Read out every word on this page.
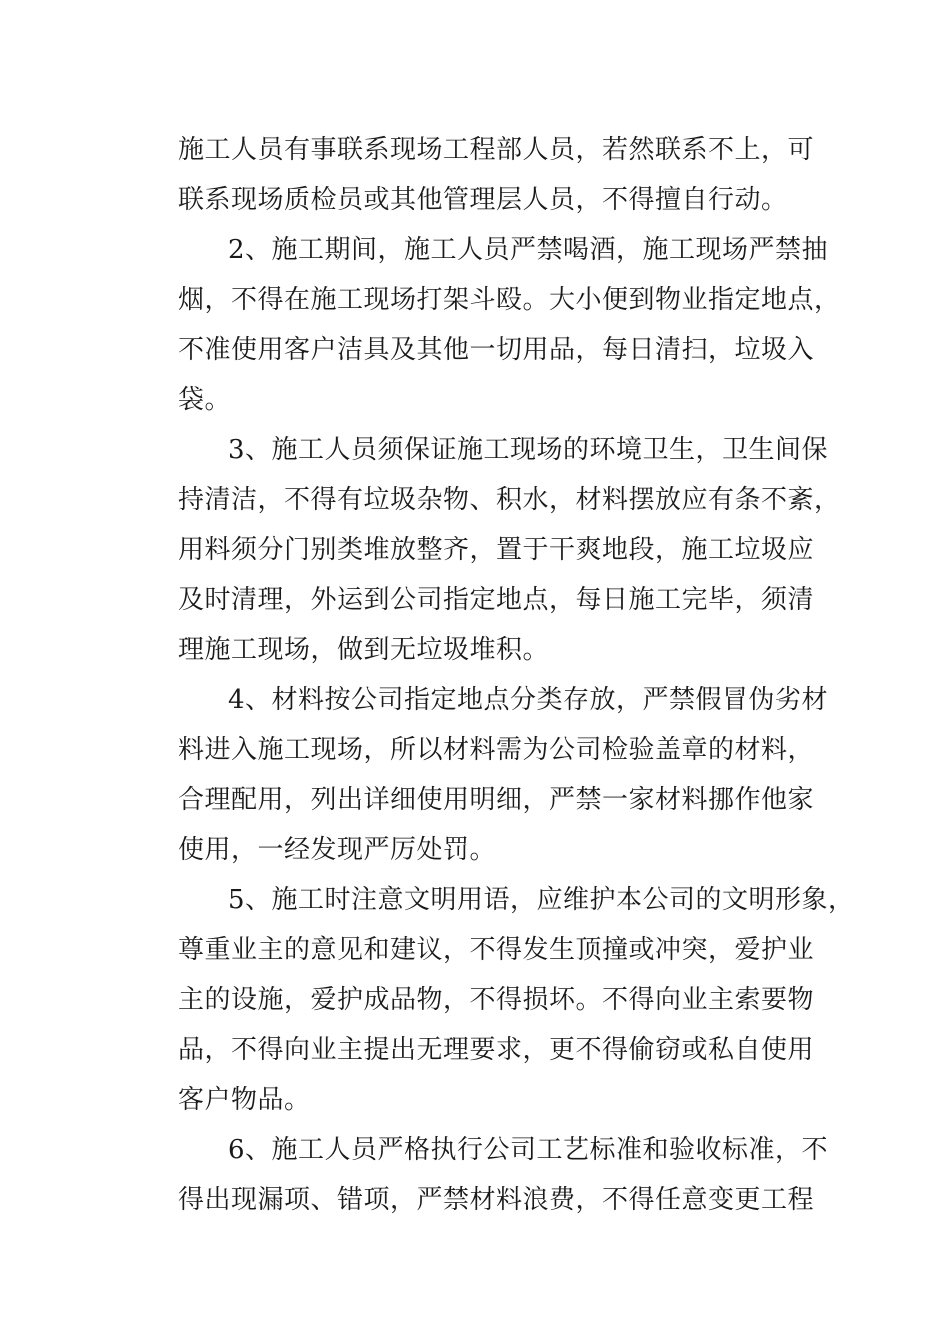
施工人员有事联系现场工程部人员，若然联系不上，可

联系现场质检员或其他管理层人员，不得擅自行动。

2、施工期间，施工人员严禁喝酒，施工现场严禁抽

烟，不得在施工现场打架斗殴。大小便到物业指定地点，

不准使用客户洁具及其他一切用品，每日清扫，垃圾入

袋。

3、施工人员须保证施工现场的环境卫生，卫生间保

持清洁，不得有垃圾杂物、积水，材料摆放应有条不紊，

用料须分门别类堆放整齐，置于干爽地段，施工垃圾应

及时清理，外运到公司指定地点，每日施工完毕，须清

理施工现场，做到无垃圾堆积。

4、材料按公司指定地点分类存放，严禁假冒伪劣材

料进入施工现场，所以材料需为公司检验盖章的材料，

合理配用，列出详细使用明细，严禁一家材料挪作他家

使用，一经发现严厉处罚。

5、施工时注意文明用语，应维护本公司的文明形象，

尊重业主的意见和建议，不得发生顶撞或冲突，爱护业

主的设施，爱护成品物，不得损坏。不得向业主索要物

品，不得向业主提出无理要求，更不得偷窃或私自使用

客户物品。

6、施工人员严格执行公司工艺标准和验收标准，不

得出现漏项、错项，严禁材料浪费，不得任意变更工程
